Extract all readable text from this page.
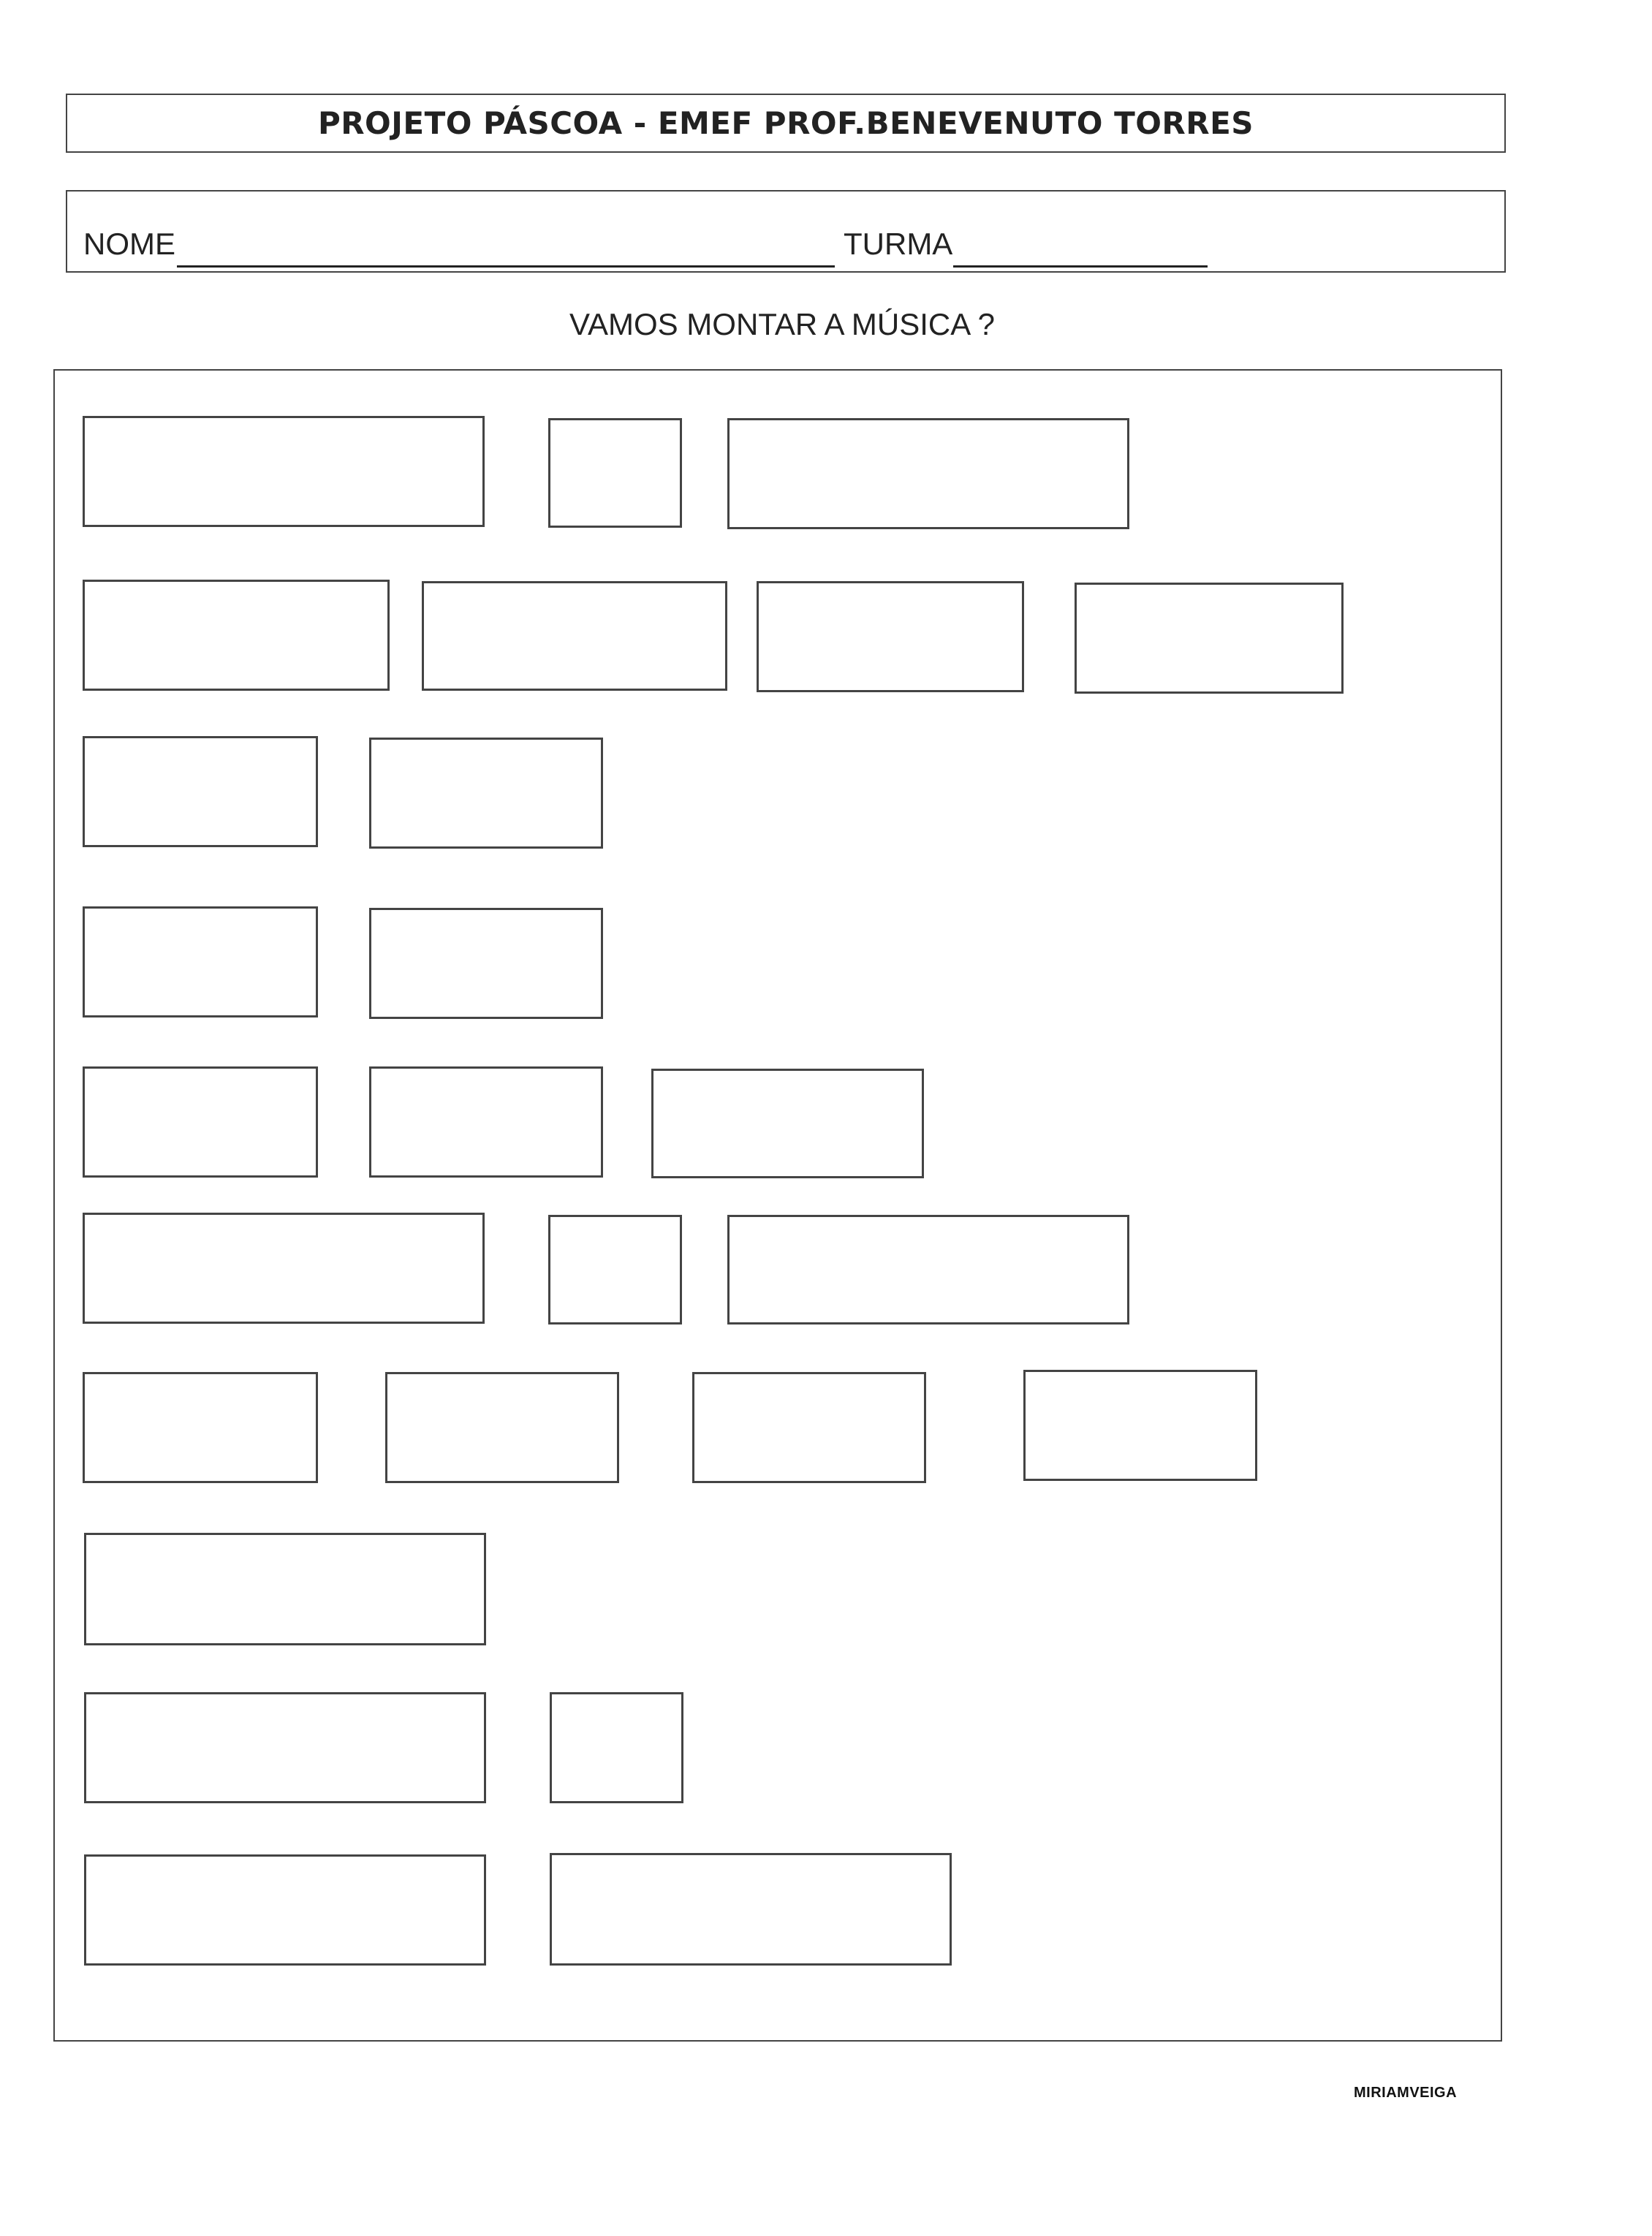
PROJETO PÁSCOA - EMEF PROF.BENEVENUTO TORRES
NOME	TURMA
VAMOS MONTAR A MÚSICA ?
MIRIAMVEIGA
